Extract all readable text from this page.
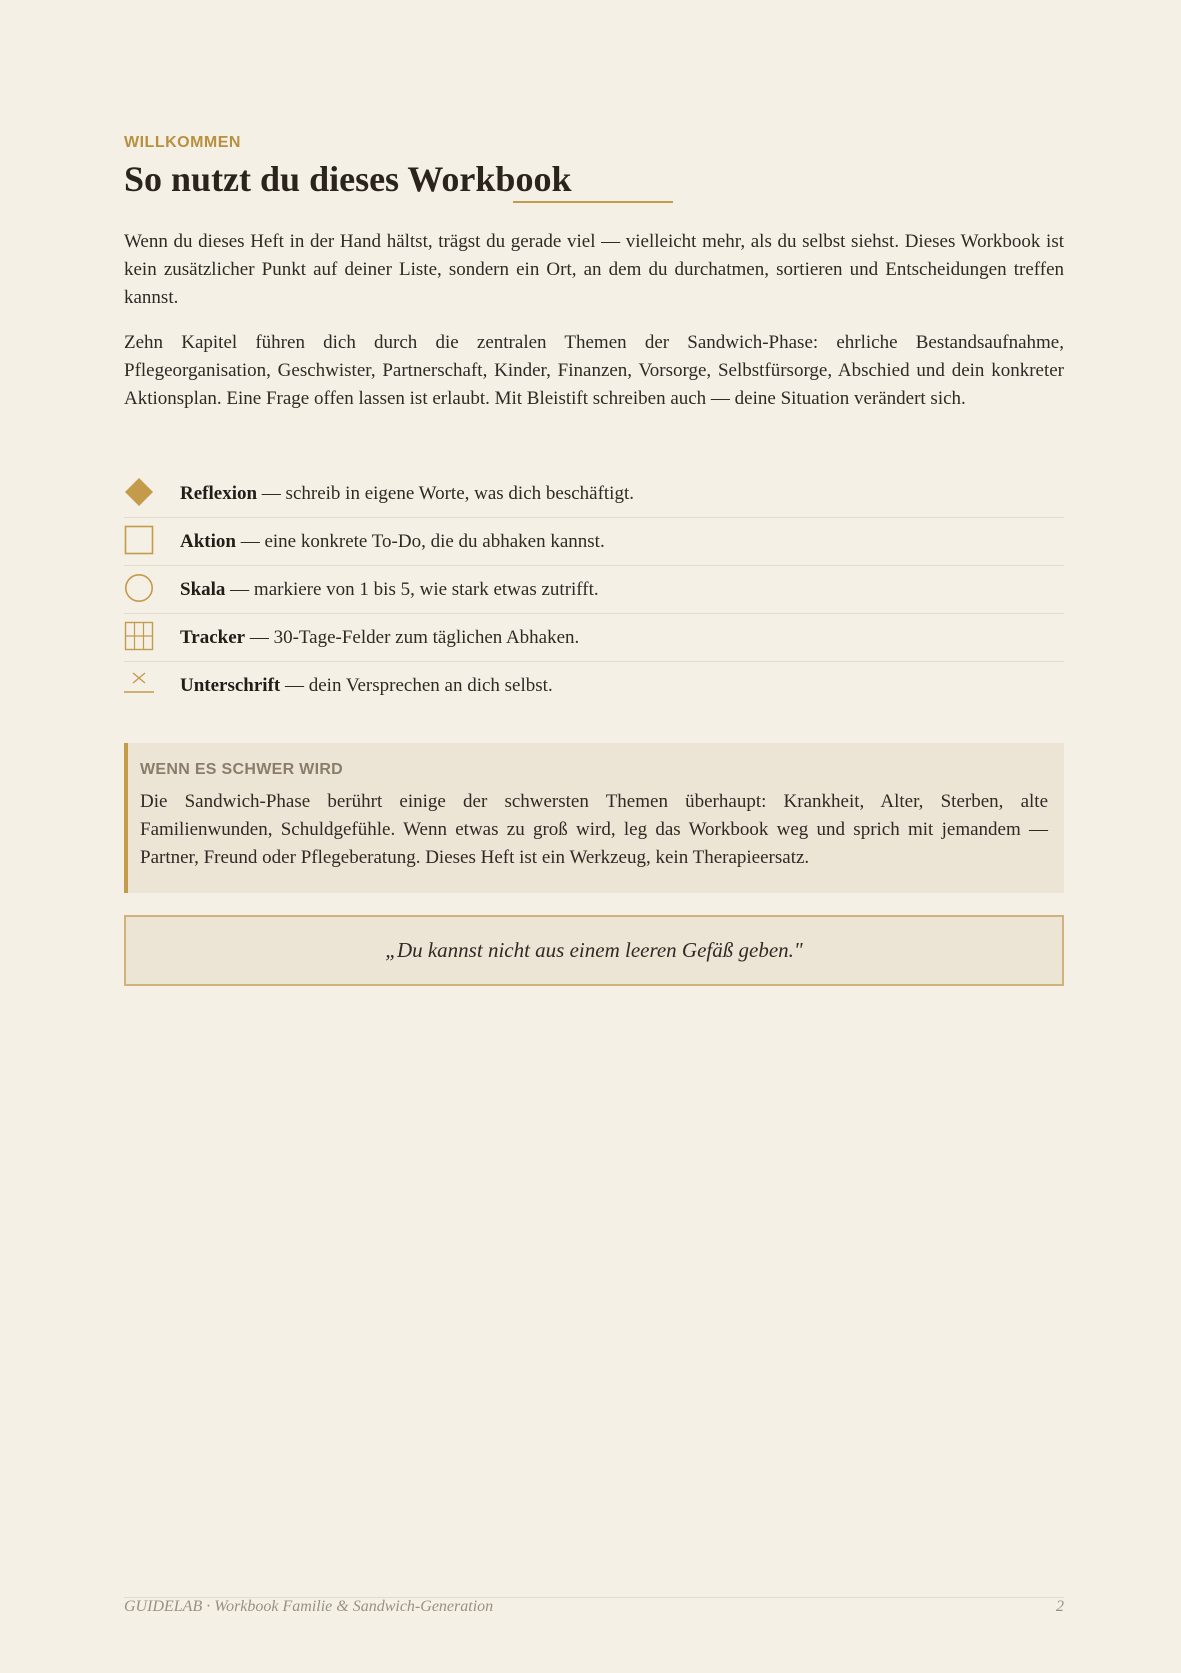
WILLKOMMEN
So nutzt du dieses Workbook

Wenn du dieses Heft in der Hand hältst, trägst du gerade viel — vielleicht mehr, als du selbst siehst. Dieses Workbook ist kein zusätzlicher Punkt auf deiner Liste, sondern ein Ort, an dem du durchatmen, sortieren und Entscheidungen treffen kannst.

Zehn Kapitel führen dich durch die zentralen Themen der Sandwich-Phase: ehrliche Bestandsaufnahme, Pflegeorganisation, Geschwister, Partnerschaft, Kinder, Finanzen, Vorsorge, Selbstfürsorge, Abschied und dein konkreter Aktionsplan. Eine Frage offen lassen ist erlaubt. Mit Bleistift schreiben auch — deine Situation verändert sich.

Reflexion — schreib in eigene Worte, was dich beschäftigt.
Aktion — eine konkrete To-Do, die du abhaken kannst.
Skala — markiere von 1 bis 5, wie stark etwas zutrifft.
Tracker — 30-Tage-Felder zum täglichen Abhaken.
Unterschrift — dein Versprechen an dich selbst.
WENN ES SCHWER WIRD

Die Sandwich-Phase berührt einige der schwersten Themen überhaupt: Krankheit, Alter, Sterben, alte Familienwunden, Schuldgefühle. Wenn etwas zu groß wird, leg das Workbook weg und sprich mit jemandem — Partner, Freund oder Pflegeberatung. Dieses Heft ist ein Werkzeug, kein Therapieersatz.

„Du kannst nicht aus einem leeren Gefäß geben."
GUIDELAB · Workbook Familie & Sandwich-Generation	2
